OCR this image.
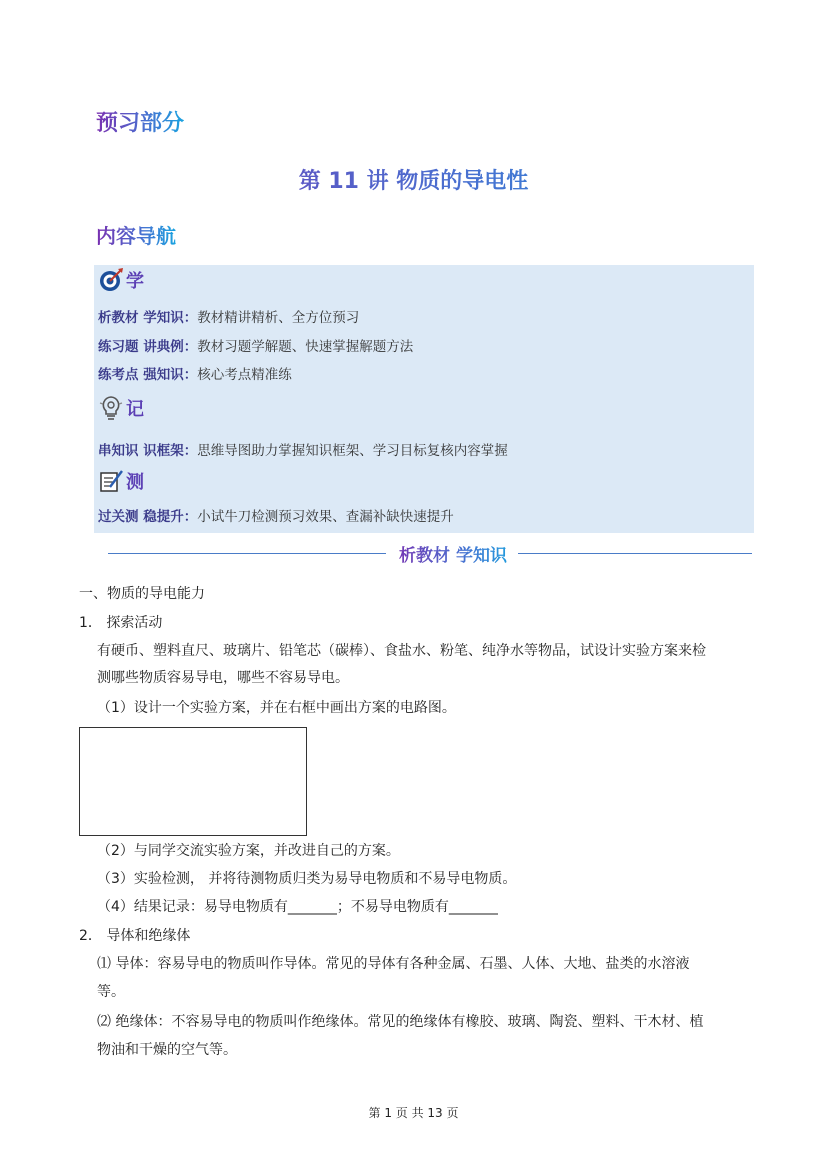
预习部分
第 11 讲 物质的导电性
内容导航
学
析教材 学知识：教材精讲精析、全方位预习
练习题 讲典例：教材习题学解题、快速掌握解题方法
练考点 强知识：核心考点精准练
记
串知识 识框架：思维导图助力掌握知识框架、学习目标复核内容掌握
测
过关测 稳提升：小试牛刀检测预习效果、查漏补缺快速提升
析教材 学知识
一、物质的导电能力
1． 探索活动
有硬币、塑料直尺、玻璃片、铅笔芯（碳棒）、食盐水、粉笔、纯净水等物品，试设计实验方案来检
测哪些物质容易导电，哪些不容易导电。
（1）设计一个实验方案，并在右框中画出方案的电路图。
（2）与同学交流实验方案，并改进自己的方案。
（3）实验检测， 并将待测物质归类为易导电物质和不易导电物质。
（4）结果记录：易导电物质有_______；不易导电物质有_______
2． 导体和绝缘体
⑴ 导体：容易导电的物质叫作导体。常见的导体有各种金属、石墨、人体、大地、盐类的水溶液
等。
⑵ 绝缘体：不容易导电的物质叫作绝缘体。常见的绝缘体有橡胶、玻璃、陶瓷、塑料、干木材、植
物油和干燥的空气等。
第 1 页 共 13 页
